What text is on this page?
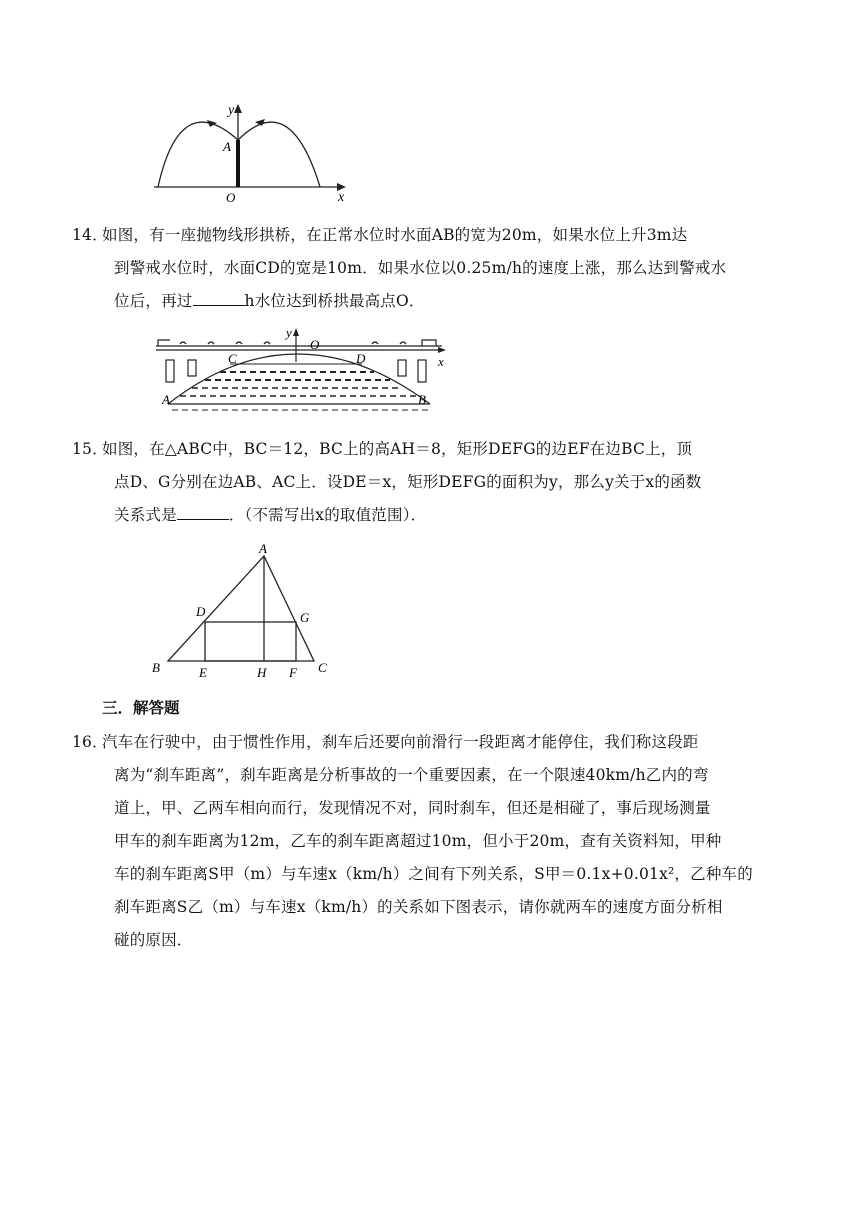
y
x
A
O
14．
如图，有一座抛物线形拱桥，在正常水位时水面AB的宽为20m，如果水位上升3m达
到警戒水位时，水面CD的宽是10m．如果水位以0.25m/h的速度上涨，那么达到警戒水
位后，再过	h水位达到桥拱最高点O．
y
O
x
C	D
A	B
15．
如图，在△ABC中，BC＝12，BC上的高AH＝8，矩形DEFG的边EF在边BC上，顶
点D、G分别在边AB、AC上．设DE＝x，矩形DEFG的面积为y，那么y关于x的函数
关系式是	．（不需写出x的取值范围）．
A
B	C
D	G
E	H F
三．解答题
16．
汽车在行驶中，由于惯性作用，刹车后还要向前滑行一段距离才能停住，我们称这段距
离为“刹车距离”，刹车距离是分析事故的一个重要因素，在一个限速40km/h乙内的弯
道上，甲、乙两车相向而行，发现情况不对，同时刹车，但还是相碰了，事后现场测量
甲车的刹车距离为12m，乙车的刹车距离超过10m，但小于20m，查有关资料知，甲种
车的刹车距离S甲（m）与车速x（km/h）之间有下列关系，S甲＝0.1x+0.01x²，乙种车的
刹车距离S乙（m）与车速x（km/h）的关系如下图表示，请你就两车的速度方面分析相
碰的原因．
